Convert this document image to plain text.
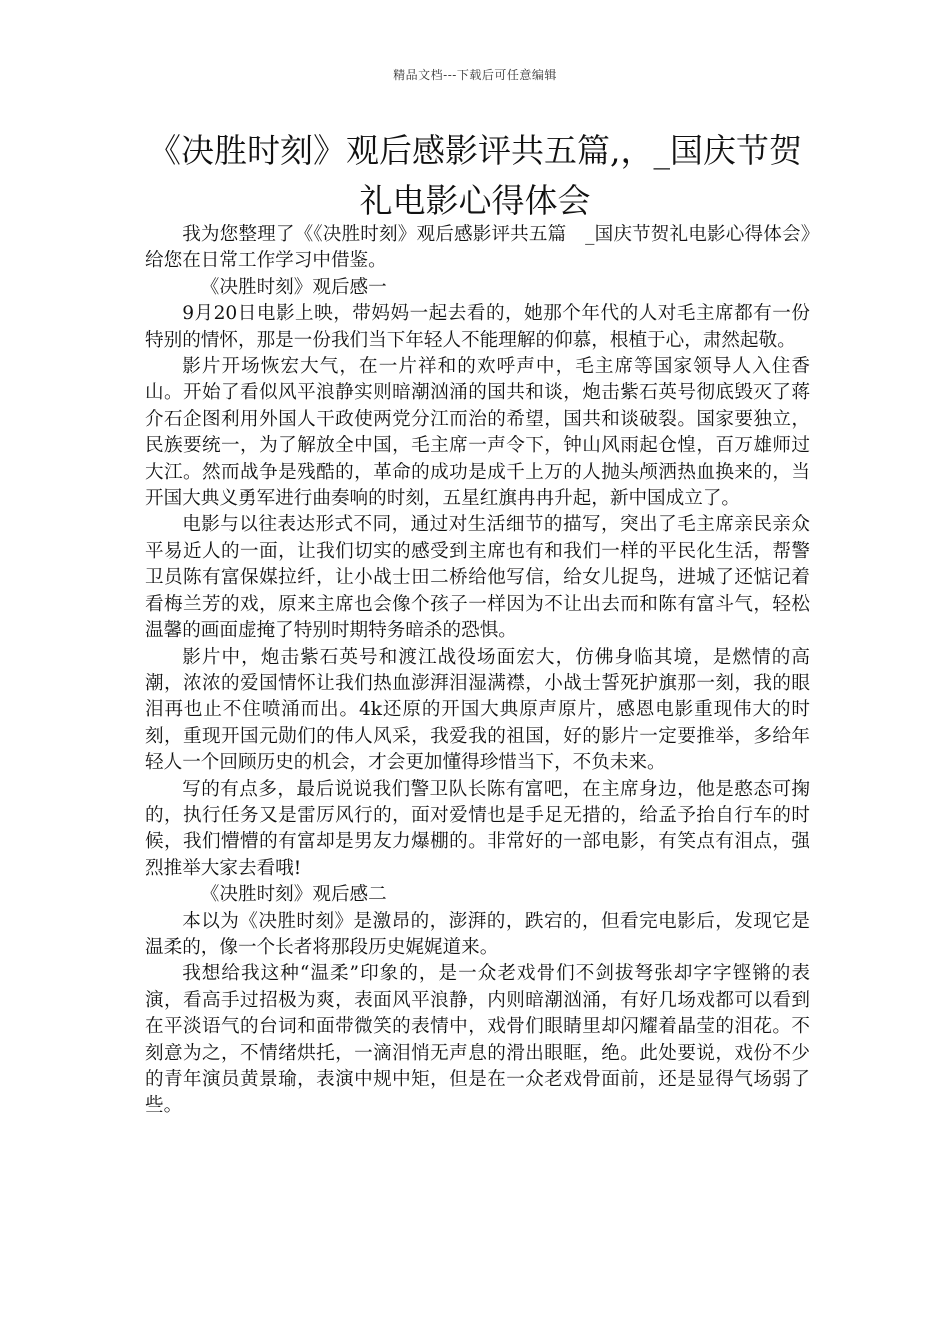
精品文档---下载后可任意编辑
《决胜时刻》观后感影评共五篇,，_国庆节贺礼电影心得体会

我为您整理了《《决胜时刻》观后感影评共五篇　_国庆节贺礼电影心得体会》给您在日常工作学习中借鉴。

《决胜时刻》观后感一

9月20日电影上映，带妈妈一起去看的，她那个年代的人对毛主席都有一份特别的情怀，那是一份我们当下年轻人不能理解的仰慕，根植于心，肃然起敬。

影片开场恢宏大气，在一片祥和的欢呼声中，毛主席等国家领导人入住香山。开始了看似风平浪静实则暗潮汹涌的国共和谈，炮击紫石英号彻底毁灭了蒋介石企图利用外国人干政使两党分江而治的希望，国共和谈破裂。国家要独立，民族要统一，为了解放全中国，毛主席一声令下，钟山风雨起仓惶，百万雄师过大江。然而战争是残酷的，革命的成功是成千上万的人抛头颅洒热血换来的，当开国大典义勇军进行曲奏响的时刻，五星红旗冉冉升起，新中国成立了。

电影与以往表达形式不同，通过对生活细节的描写，突出了毛主席亲民亲众平易近人的一面，让我们切实的感受到主席也有和我们一样的平民化生活，帮警卫员陈有富保媒拉纤，让小战士田二桥给他写信，给女儿捉鸟，进城了还惦记着看梅兰芳的戏，原来主席也会像个孩子一样因为不让出去而和陈有富斗气，轻松温馨的画面虚掩了特别时期特务暗杀的恐惧。

影片中，炮击紫石英号和渡江战役场面宏大，仿佛身临其境，是燃情的高潮，浓浓的爱国情怀让我们热血澎湃泪湿满襟，小战士誓死护旗那一刻，我的眼泪再也止不住喷涌而出。4k还原的开国大典原声原片，感恩电影重现伟大的时刻，重现开国元勋们的伟人风采，我爱我的祖国，好的影片一定要推举，多给年轻人一个回顾历史的机会，才会更加懂得珍惜当下，不负未来。

写的有点多，最后说说我们警卫队长陈有富吧，在主席身边，他是憨态可掬的，执行任务又是雷厉风行的，面对爱情也是手足无措的，给孟予抬自行车的时候，我们懵懵的有富却是男友力爆棚的。非常好的一部电影，有笑点有泪点，强烈推举大家去看哦!

《决胜时刻》观后感二

本以为《决胜时刻》是激昂的，澎湃的，跌宕的，但看完电影后，发现它是温柔的，像一个长者将那段历史娓娓道来。

我想给我这种“温柔”印象的，是一众老戏骨们不剑拔弩张却字字铿锵的表演，看高手过招极为爽，表面风平浪静，内则暗潮汹涌，有好几场戏都可以看到在平淡语气的台词和面带微笑的表情中，戏骨们眼睛里却闪耀着晶莹的泪花。不刻意为之，不情绪烘托，一滴泪悄无声息的滑出眼眶，绝。此处要说，戏份不少的青年演员黄景瑜，表演中规中矩，但是在一众老戏骨面前，还是显得气场弱了些。
